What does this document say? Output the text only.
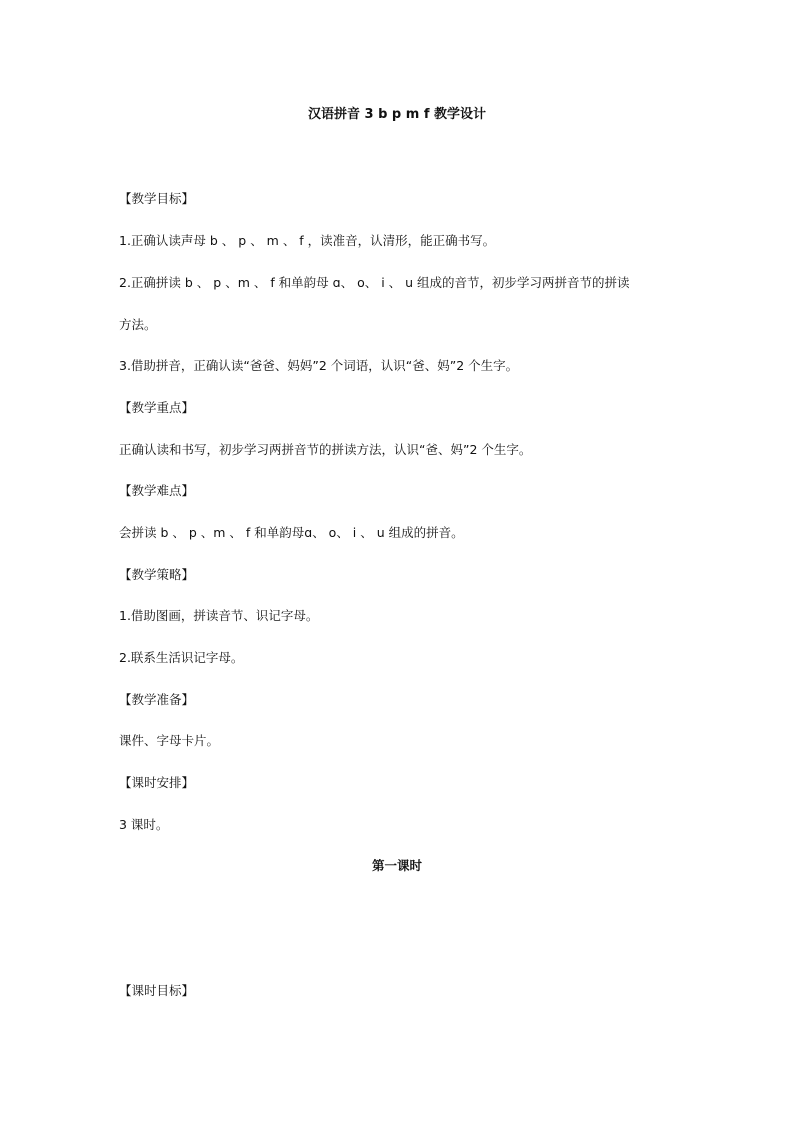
汉语拼音 3 b p m f 教学设计
【教学目标】
1.正确认读声母 b 、 p 、 m 、 f ，读准音，认清形，能正确书写。
2.正确拼读 b 、 p 、m 、 f 和单韵母 ɑ、 o、 i 、 u 组成的音节，初步学习两拼音节的拼读
方法。
3.借助拼音，正确认读“爸爸、妈妈”2 个词语，认识“爸、妈”2 个生字。
【教学重点】
正确认读和书写，初步学习两拼音节的拼读方法，认识“爸、妈”2 个生字。
【教学难点】
会拼读 b 、 p 、m 、 f 和单韵母ɑ、 o、 i 、 u 组成的拼音。
【教学策略】
1.借助图画，拼读音节、识记字母。
2.联系生活识记字母。
【教学准备】
课件、字母卡片。
【课时安排】
3 课时。
第一课时
【课时目标】
